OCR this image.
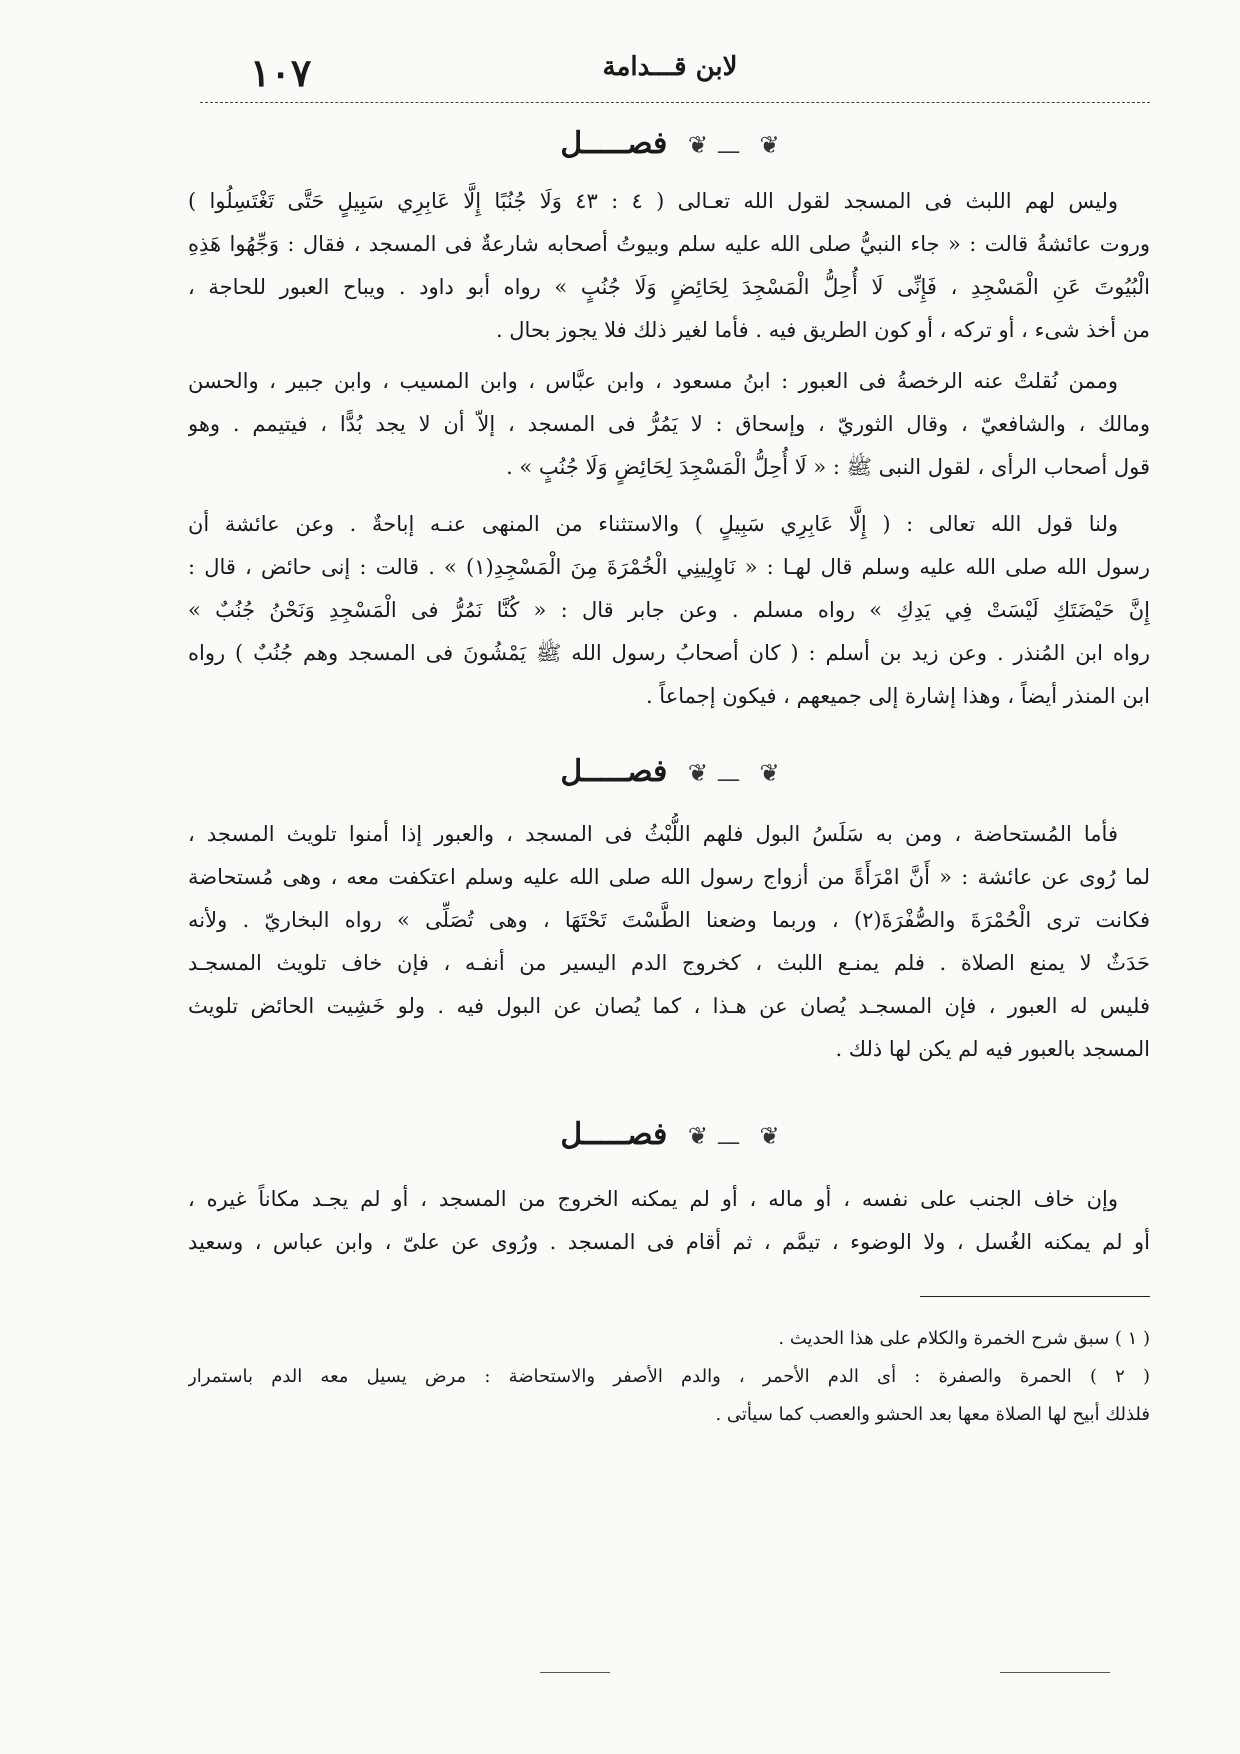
١٠٧	لابن قـــدامة
ــــ❦ فصـــــل	❦
وليس لهم اللبث فى المسجد لقول الله تعـالى ( ٤ : ٤٣ وَلَا جُنُبًا إِلَّا عَابِرِي سَبِيلٍ حَتَّى تَغْتَسِلُوا )
وروت عائشةُ قالت : « جاء النبيُّ صلى الله عليه سلم وبيوتُ أصحابه شارعةٌ فى المسجد ، فقال : وَجِّهُوا هَذِهِ
الْبُيُوتَ عَنِ الْمَسْجِدِ ، فَإِنِّى لَا أُحِلُّ الْمَسْجِدَ لِحَائِضٍ وَلَا جُنُبٍ » رواه أبو داود . ويباح العبور للحاجة ،
من أخذ شىء ، أو تركه ، أو كون الطريق فيه . فأما لغير ذلك فلا يجوز بحال .
وممن نُقلتْ عنه الرخصةُ فى العبور : ابنُ مسعود ، وابن عبَّاس ، وابن المسيب ، وابن جبير ، والحسن
ومالك ، والشافعيّ ، وقال الثوريّ ، وإسحاق : لا يَمُرُّ فى المسجد ، إلاّ أن لا يجد بُدًّا ، فيتيمم . وهو
قول أصحاب الرأى ، لقول النبى ﷺ : « لَا أُحِلُّ الْمَسْجِدَ لِحَائِضٍ وَلَا جُنُبٍ » .
ولنا قول الله تعالى : ( إِلَّا عَابِرِي سَبِيلٍ ) والاستثناء من المنهى عنـه إباحةٌ . وعن عائشة أن
رسول الله صلى الله عليه وسلم قال لهـا : « نَاوِلِينِي الْخُمْرَةَ مِنَ الْمَسْجِدِ(١) » . قالت : إنى حائض ، قال :
إِنَّ حَيْضَتَكِ لَيْسَتْ فِي يَدِكِ » رواه مسلم . وعن جابر قال : « كُنَّا نَمُرُّ فى الْمَسْجِدِ وَنَحْنُ جُنُبٌ »
رواه ابن المُنذر . وعن زيد بن أسلم : ( كان أصحابُ رسول الله ﷺ يَمْشُونَ فى المسجد وهم جُنُبٌ ) رواه
ابن المنذر أيضاً ، وهذا إشارة إلى جميعهم ، فيكون إجماعاً .
ــــ❦ فصـــــل	❦
فأما المُستحاضة ، ومن به سَلَسُ البول فلهم اللُّبْثُ فى المسجد ، والعبور إذا أمنوا تلويث المسجد ،
لما رُوى عن عائشة : « أَنَّ امْرَأَةً من أزواج رسول الله صلى الله عليه وسلم اعتكفت معه ، وهى مُستحاضة
فكانت ترى الْحُمْرَةَ والصُّفْرَةَ(٢) ، وربما وضعنا الطَّسْتَ تَحْتَهَا ، وهى تُصَلِّى » رواه البخاريّ . ولأنه
حَدَثٌ لا يمنع الصلاة . فلم يمنـع اللبث ، كخروج الدم اليسير من أنفـه ، فإن خاف تلويث المسجـد
فليس له العبور ، فإن المسجـد يُصان عن هـذا ، كما يُصان عن البول فيه . ولو خَشِيت الحائض تلويث
المسجد بالعبور فيه لم يكن لها ذلك .
ــــ❦ فصـــــل	❦
وإن خاف الجنب على نفسه ، أو ماله ، أو لم يمكنه الخروج من المسجد ، أو لم يجـد مكاناً غيره ،
أو لم يمكنه الغُسل ، ولا الوضوء ، تيمَّم ، ثم أقام فى المسجد . ورُوى عن علىّ ، وابن عباس ، وسعيد
( ١ ) سبق شرح الخمرة والكلام على هذا الحديث .
( ٢ ) الحمرة والصفرة : أى الدم الأحمر ، والدم الأصفر والاستحاضة : مرض يسيل معه الدم باستمرار
فلذلك أبيح لها الصلاة معها بعد الحشو والعصب كما سيأتى .
